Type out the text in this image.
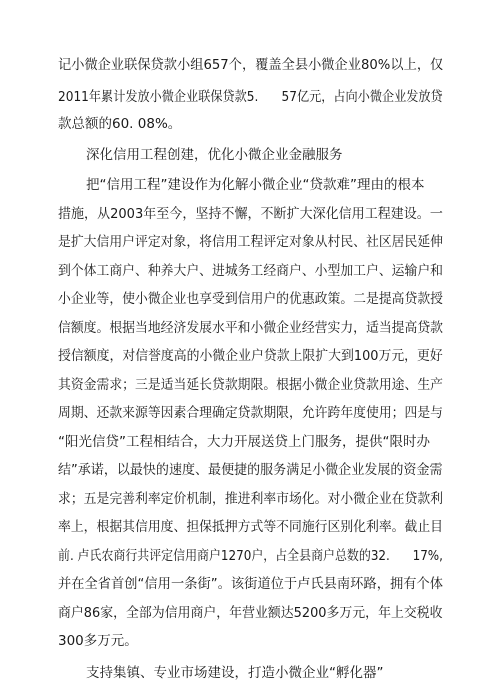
记小微企业联保贷款小组657个，覆盖全县小微企业80%以上，仅
2011年累计发放小微企业联保贷款5.      57亿元，占向小微企业发放贷
款总额的60. 08%。
深化信用工程创建，优化小微企业金融服务
把“信用工程”建设作为化解小微企业“贷款难”理由的根本
措施，从2003年至今，坚持不懈，不断扩大深化信用工程建设。一
是扩大信用户评定对象，将信用工程评定对象从村民、社区居民延伸
到个体工商户、种养大户、进城务工经商户、小型加工户、运输户和
小企业等，使小微企业也享受到信用户的优惠政策。二是提高贷款授
信额度。根据当地经济发展水平和小微企业经营实力，适当提高贷款
授信额度，对信誉度高的小微企业户贷款上限扩大到100万元，更好
其资金需求；三是适当延长贷款期限。根据小微企业贷款用途、生产
周期、还款来源等因素合理确定贷款期限，允许跨年度使用；四是与
“阳光信贷”工程相结合，大力开展送贷上门服务，提供“限时办
结”承诺，以最快的速度、最便捷的服务满足小微企业发展的资金需
求；五是完善利率定价机制，推进利率市场化。对小微企业在贷款利
率上，根据其信用度、担保抵押方式等不同施行区别化利率。截止目
前. 卢氏农商行共评定信用商户1270户，占全县商户总数的32.      17%,
并在全省首创“信用一条街”。该街道位于卢氏县南环路，拥有个体
商户86家，全部为信用商户，年营业额达5200多万元，年上交税收
300多万元。
支持集镇、专业市场建设，打造小微企业“孵化器”
